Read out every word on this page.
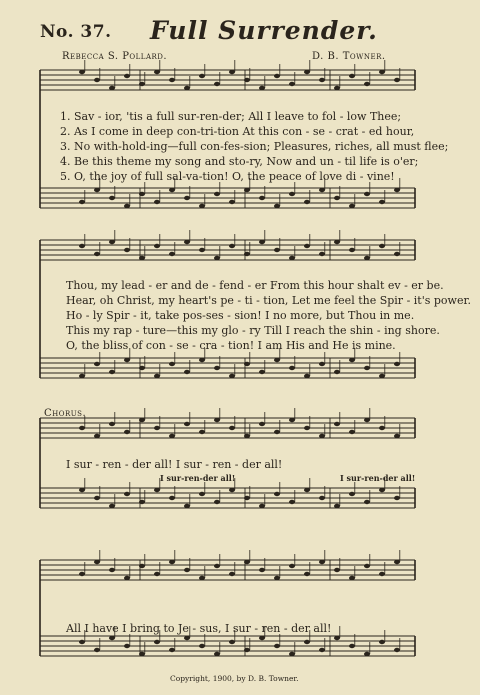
No. 37. Full Surrender.
Rebecca S. Pollard.	D. B. Towner.
1. Sav - ior, 'tis a full sur-ren-der; All I leave to fol - low Thee;
2. As I come in deep con-tri-tion At this con - se - crat - ed hour,
3. No with-hold-ing—full con-fes-sion; Pleasures, riches, all must flee;
4. Be this theme my song and sto-ry, Now and un - til life is o'er;
5. O, the joy of full sal-va-tion! O, the peace of love di - vine!
Thou, my lead - er and de - fend - er From this hour shalt ev - er be.
Hear, oh Christ, my heart's pe - ti - tion, Let me feel the Spir - it's power.
Ho - ly Spir - it, take pos-ses - sion! I no more, but Thou in me.
This my rap - ture—this my glo - ry Till I reach the shin - ing shore.
O, the bliss of con - se - cra - tion! I am His and He is mine.
Chorus.
I sur - ren - der all! I sur - ren - der all!
I sur-ren-der all!	I sur-ren-der all!
All I have I bring to Je - sus, I sur - ren - der all!
Copyright, 1900, by D. B. Towner.
